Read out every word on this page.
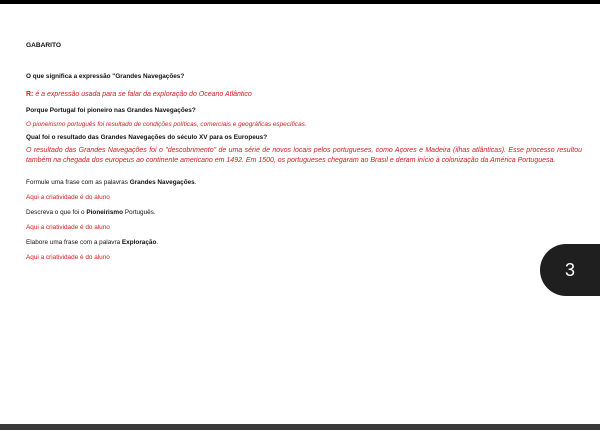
GABARITO

O que significa a expressão "Grandes Navegações?

R: é a expressão usada para se falar da exploração do Oceano Atlântico

Porque Portugal foi pioneiro nas Grandes Navegações?

O pioneirismo português foi resultado de condições políticas, comerciais e geográficas específicas.

Qual foi o resultado das Grandes Navegações do século XV para os Europeus?

O resultado das Grandes Navegações foi o "descobrimento" de uma série de novos locais pelos portugueses, como Açores e Madeira (ilhas atlânticas). Esse processo resultou também na chegada dos europeus ao continente americano em 1492. Em 1500, os portugueses chegaram ao Brasil e deram início à colonização da América Portuguesa.

Formule uma frase com as palavras Grandes Navegações.

Aqui a criatividade é do aluno

Descreva o que foi o Pioneirismo Português.

Aqui a criatividade é do aluno

Elabore uma frase com a palavra Exploração.

Aqui a criatividade é do aluno

3
